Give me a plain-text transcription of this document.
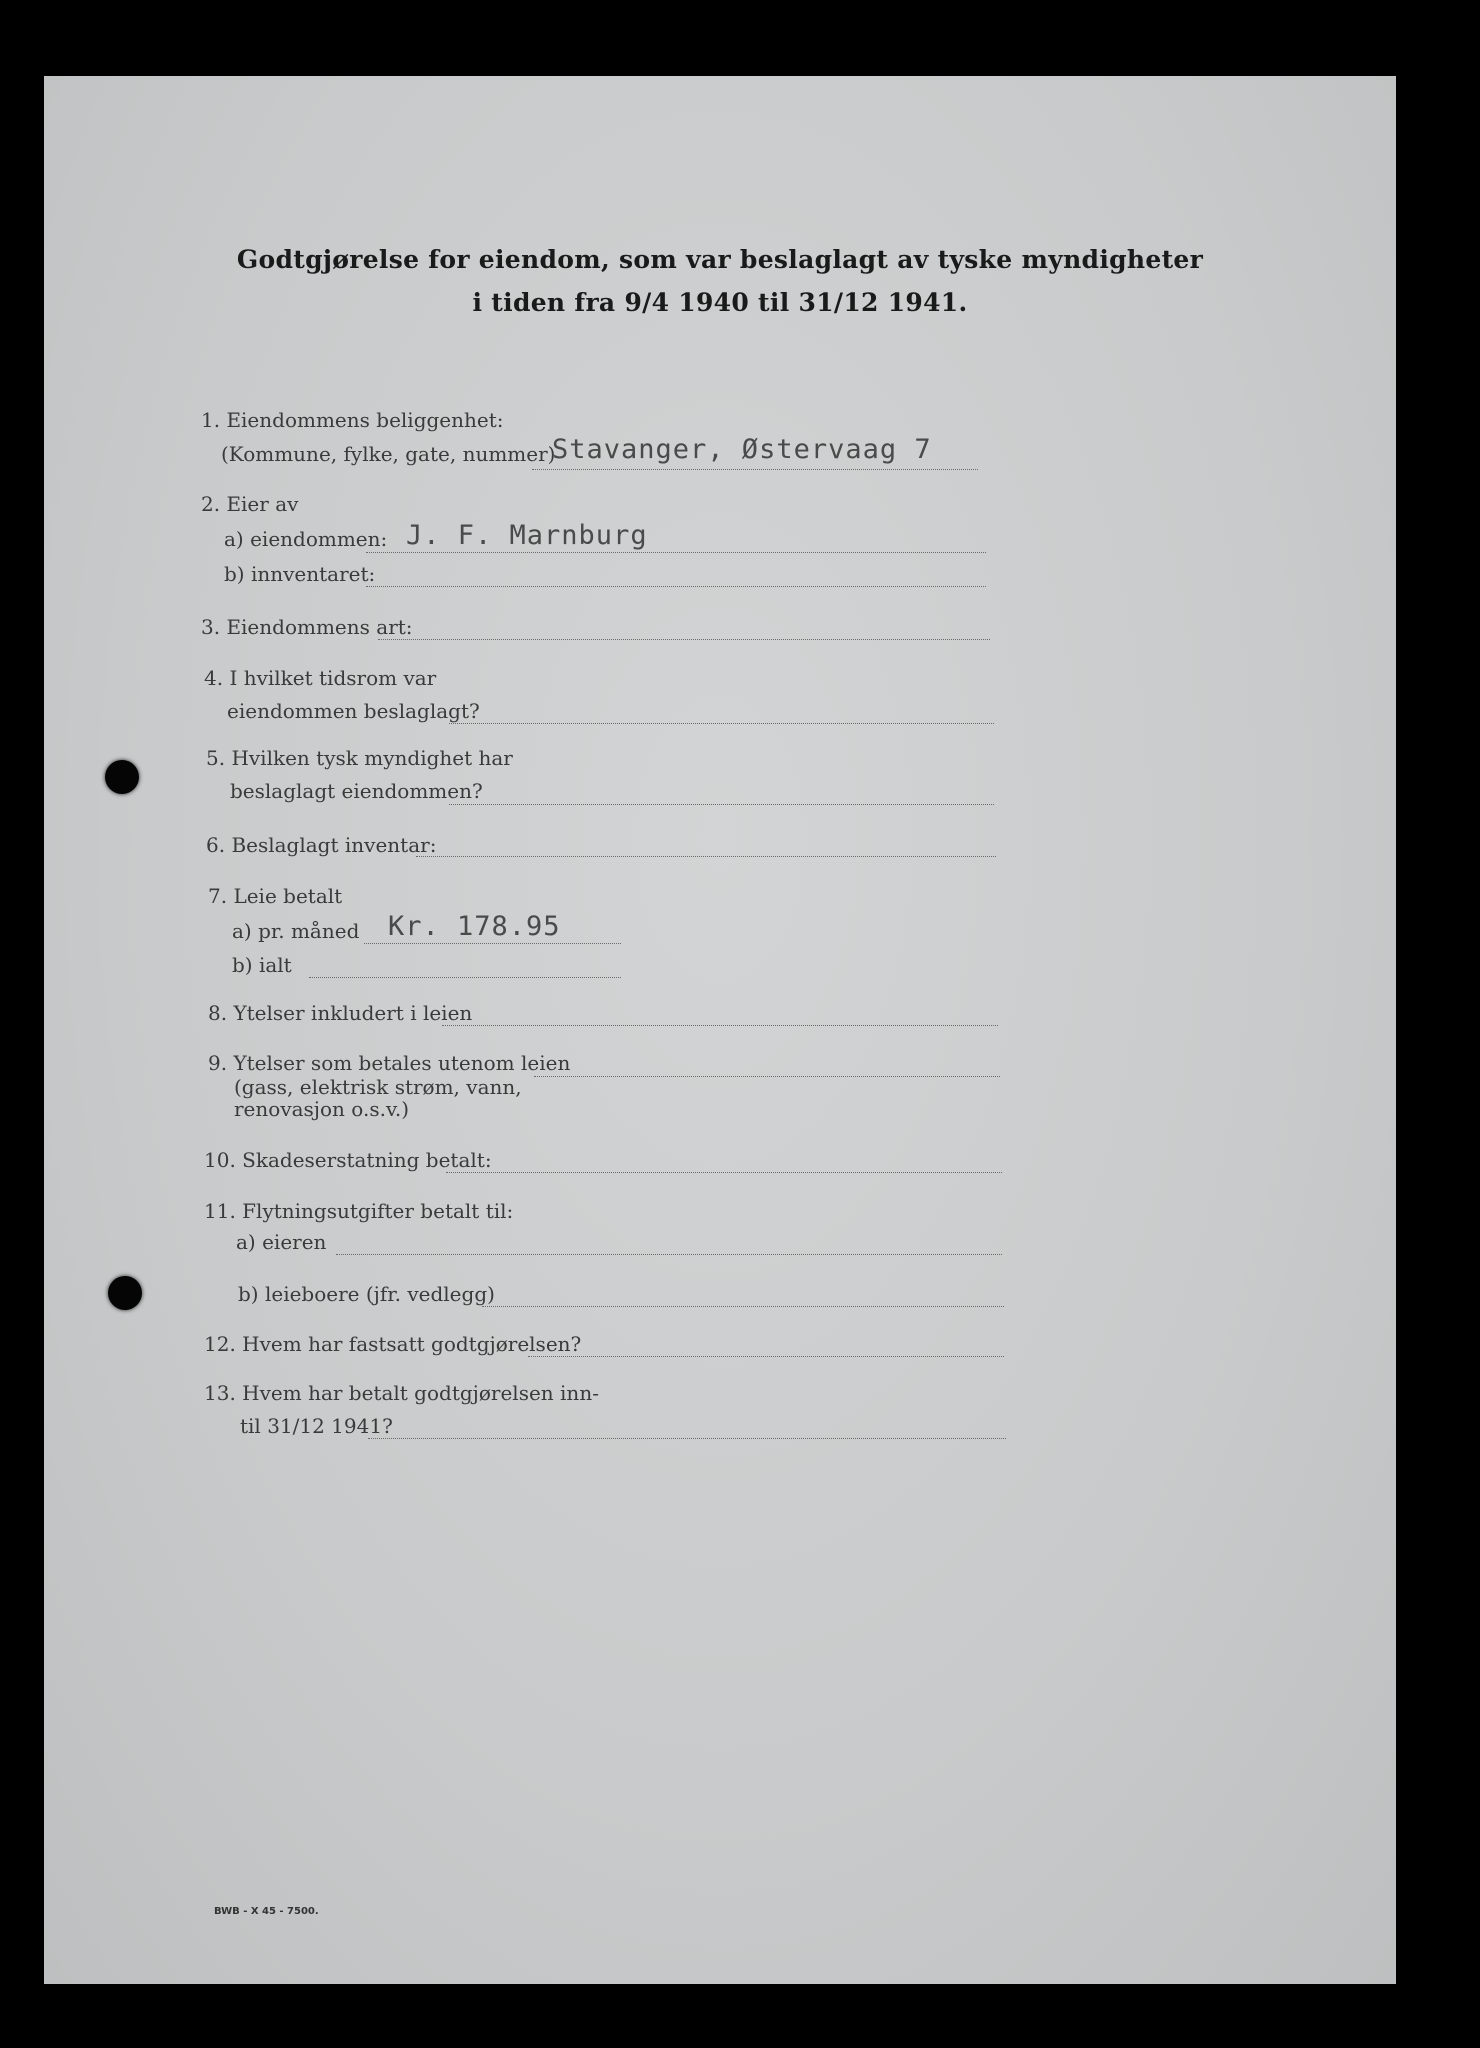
Godtgjørelse for eiendom, som var beslaglagt av tyske myndigheter
i tiden fra 9/4 1940 til 31/12 1941.
1. Eiendommens beliggenhet:
(Kommune, fylke, gate, nummer)
Stavanger, Østervaag 7
2. Eier av
a) eiendommen: J. F. Marnburg
b) innventaret:
3. Eiendommens art:
4. I hvilket tidsrom var
eiendommen beslaglagt?
5. Hvilken tysk myndighet har
beslaglagt eiendommen?
6. Beslaglagt inventar:
7. Leie betalt
a) pr. måned Kr. 178.95
b) ialt
8. Ytelser inkludert i leien
9. Ytelser som betales utenom leien
(gass, elektrisk strøm, vann,
renovasjon o.s.v.)
10. Skadeserstatning betalt:
11. Flytningsutgifter betalt til:
a) eieren
b) leieboere (jfr. vedlegg)
12. Hvem har fastsatt godtgjørelsen?
13. Hvem har betalt godtgjørelsen inn-
til 31/12 1941?
BWB - X 45 - 7500.
